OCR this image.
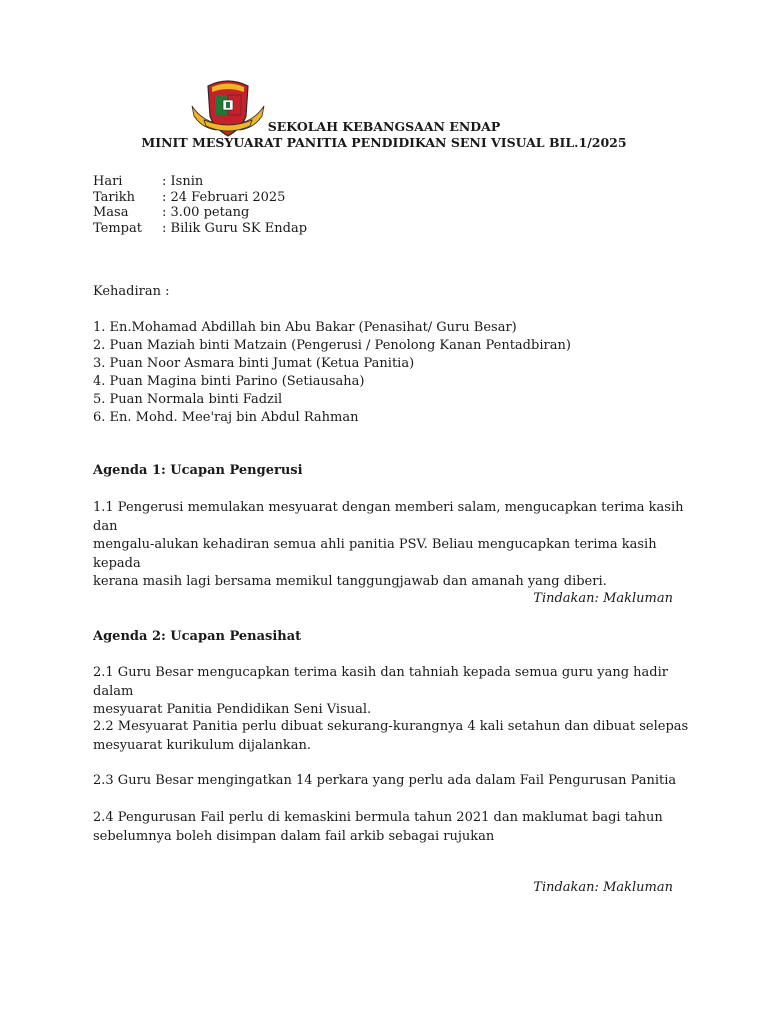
SEKOLAH KEBANGSAAN ENDAP
MINIT MESYUARAT PANITIA PENDIDIKAN SENI VISUAL BIL.1/2025
Hari	: Isnin
Tarikh	: 24 Februari 2025
Masa	: 3.00 petang
Tempat	: Bilik Guru SK Endap
Kehadiran :
1. En.Mohamad Abdillah bin Abu Bakar (Penasihat/ Guru Besar)
2. Puan Maziah binti Matzain (Pengerusi / Penolong Kanan Pentadbiran)
3. Puan Noor Asmara binti Jumat (Ketua Panitia)
4. Puan Magina binti Parino (Setiausaha)
5. Puan Normala binti Fadzil
6. En. Mohd. Mee'raj bin Abdul Rahman
Agenda 1: Ucapan Pengerusi
1.1 Pengerusi memulakan mesyuarat dengan memberi salam, mengucapkan terima kasih dan
mengalu-alukan kehadiran semua ahli panitia PSV. Beliau mengucapkan terima kasih kepada
kerana masih lagi bersama memikul tanggungjawab dan amanah yang diberi.
Tindakan: Makluman
Agenda 2: Ucapan Penasihat
2.1 Guru Besar mengucapkan terima kasih dan tahniah kepada semua guru yang hadir dalam
mesyuarat Panitia Pendidikan Seni Visual.
2.2 Mesyuarat Panitia perlu dibuat sekurang-kurangnya 4 kali setahun dan dibuat selepas
mesyuarat kurikulum dijalankan.
2.3 Guru Besar mengingatkan 14 perkara yang perlu ada dalam Fail Pengurusan Panitia
2.4 Pengurusan Fail perlu di kemaskini bermula tahun 2021 dan maklumat bagi tahun
sebelumnya boleh disimpan dalam fail arkib sebagai rujukan
Tindakan: Makluman
